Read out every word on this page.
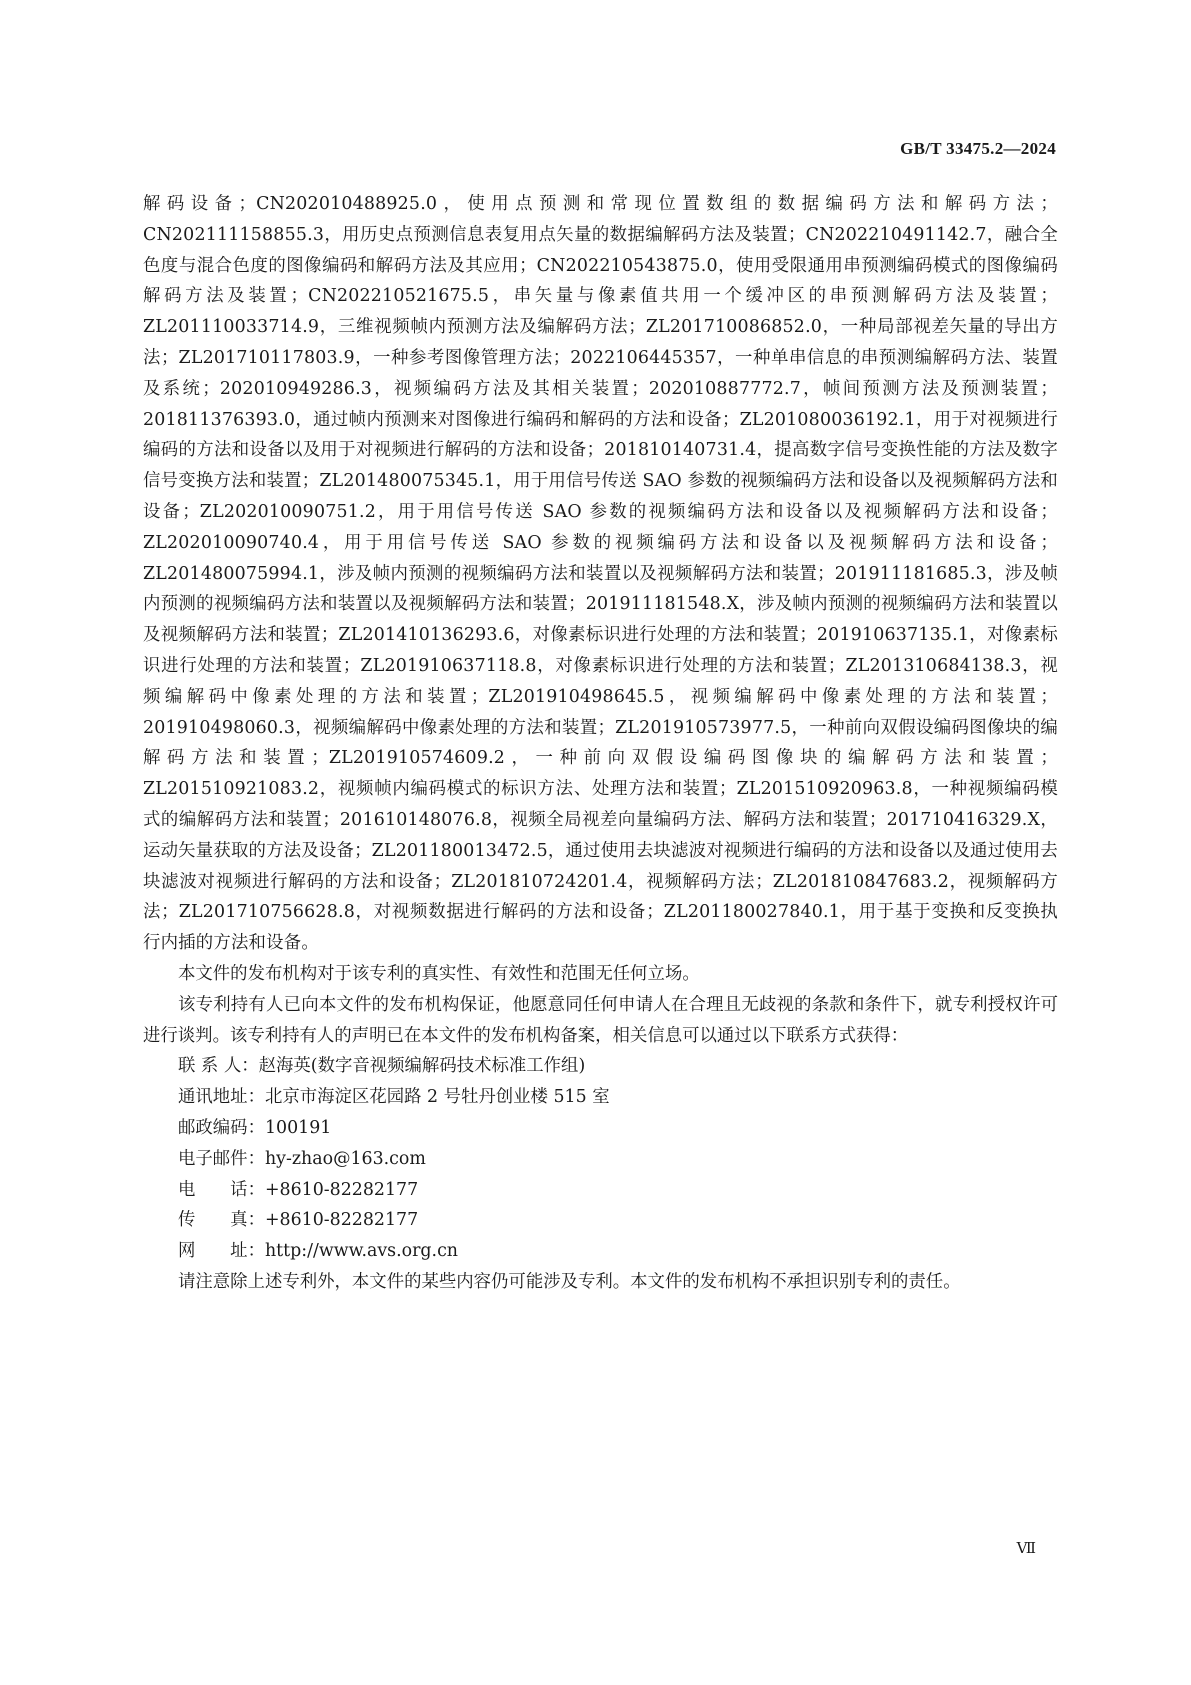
GB/T 33475.2—2024

解码设备；CN202010488925.0，使用点预测和常现位置数组的数据编码方法和解码方法；CN202111158855.3，用历史点预测信息表复用点矢量的数据编解码方法及装置；CN202210491142.7，融合全色度与混合色度的图像编码和解码方法及其应用；CN202210543875.0，使用受限通用串预测编码模式的图像编码解码方法及装置；CN202210521675.5，串矢量与像素值共用一个缓冲区的串预测解码方法及装置；ZL201110033714.9，三维视频帧内预测方法及编解码方法；ZL201710086852.0，一种局部视差矢量的导出方法；ZL201710117803.9，一种参考图像管理方法；2022106445357，一种单串信息的串预测编解码方法、装置及系统；202010949286.3，视频编码方法及其相关装置；202010887772.7，帧间预测方法及预测装置；201811376393.0，通过帧内预测来对图像进行编码和解码的方法和设备；ZL201080036192.1，用于对视频进行编码的方法和设备以及用于对视频进行解码的方法和设备；201810140731.4，提高数字信号变换性能的方法及数字信号变换方法和装置；ZL201480075345.1，用于用信号传送 SAO 参数的视频编码方法和设备以及视频解码方法和设备；ZL202010090751.2，用于用信号传送 SAO 参数的视频编码方法和设备以及视频解码方法和设备；ZL202010090740.4，用于用信号传送 SAO 参数的视频编码方法和设备以及视频解码方法和设备；ZL201480075994.1，涉及帧内预测的视频编码方法和装置以及视频解码方法和装置；201911181685.3，涉及帧内预测的视频编码方法和装置以及视频解码方法和装置；201911181548.X，涉及帧内预测的视频编码方法和装置以及视频解码方法和装置；ZL201410136293.6，对像素标识进行处理的方法和装置；201910637135.1，对像素标识进行处理的方法和装置；ZL201910637118.8，对像素标识进行处理的方法和装置；ZL201310684138.3，视频编解码中像素处理的方法和装置；ZL201910498645.5，视频编解码中像素处理的方法和装置；201910498060.3，视频编解码中像素处理的方法和装置；ZL201910573977.5，一种前向双假设编码图像块的编解码方法和装置；ZL201910574609.2，一种前向双假设编码图像块的编解码方法和装置；ZL201510921083.2，视频帧内编码模式的标识方法、处理方法和装置；ZL201510920963.8，一种视频编码模式的编解码方法和装置；201610148076.8，视频全局视差向量编码方法、解码方法和装置；201710416329.X，运动矢量获取的方法及设备；ZL201180013472.5，通过使用去块滤波对视频进行编码的方法和设备以及通过使用去块滤波对视频进行解码的方法和设备；ZL201810724201.4，视频解码方法；ZL201810847683.2，视频解码方法；ZL201710756628.8，对视频数据进行解码的方法和设备；ZL201180027840.1，用于基于变换和反变换执行内插的方法和设备。

本文件的发布机构对于该专利的真实性、有效性和范围无任何立场。

该专利持有人已向本文件的发布机构保证，他愿意同任何申请人在合理且无歧视的条款和条件下，就专利授权许可进行谈判。该专利持有人的声明已在本文件的发布机构备案，相关信息可以通过以下联系方式获得：

联 系 人：赵海英(数字音视频编解码技术标准工作组)
通讯地址：北京市海淀区花园路 2 号牡丹创业楼 515 室
邮政编码：100191
电子邮件：hy-zhao@163.com
电　　话：+8610-82282177
传　　真：+8610-82282177
网　　址：http://www.avs.org.cn

请注意除上述专利外，本文件的某些内容仍可能涉及专利。本文件的发布机构不承担识别专利的责任。

Ⅶ
